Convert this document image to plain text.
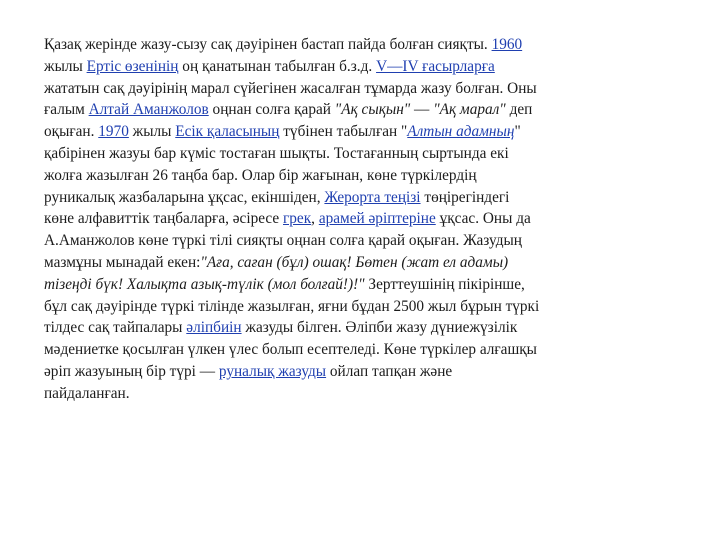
Қазақ жерінде жазу-сызу сақ дәуірінен бастап пайда болған сияқты. 1960
жылы Ертіс өзенінің оң қанатынан табылған б.з.д. V—IV ғасырларға
жататын сақ дәуірінің марал сүйегінен жасалған тұмарда жазу болған. Оны
ғалым Алтай Аманжолов оңнан солға қарай "Ақ сықын" — "Ақ марал" деп
оқыған. 1970 жылы Есік қаласының түбінен табылған "Алтын адамның"
қабірінен жазуы бар күміс тостаған шықты. Тостағанның сыртында екі
жолға жазылған 26 таңба бар. Олар бір жағынан, көне түркілердің
руникалық жазбаларына ұқсас, екіншіден, Жерорта теңізі төңірегіндегі
көне алфавиттік таңбаларға, әсіресе грек, арамей әріптеріне ұқсас. Оны да
А.Аманжолов көне түркі тілі сияқты оңнан солға қарай оқыған. Жазудың
мазмұны мынадай екен:"Аға, саған (бұл) ошақ! Бөтен (жат ел адамы)
тізеңді бүк! Халықта азық-түлік (мол болғай!)!" Зерттеушінің пікірінше,
бұл сақ дәуірінде түркі тілінде жазылған, яғни бұдан 2500 жыл бұрын түркі
тілдес сақ тайпалары әліпбиін жазуды білген. Әліпби жазу дүниежүзілік
мәдениетке қосылған үлкен үлес болып есептеледі. Көне түркілер алғашқы
әріп жазуының бір түрі — руналық жазуды ойлап тапқан және
пайдаланған.
